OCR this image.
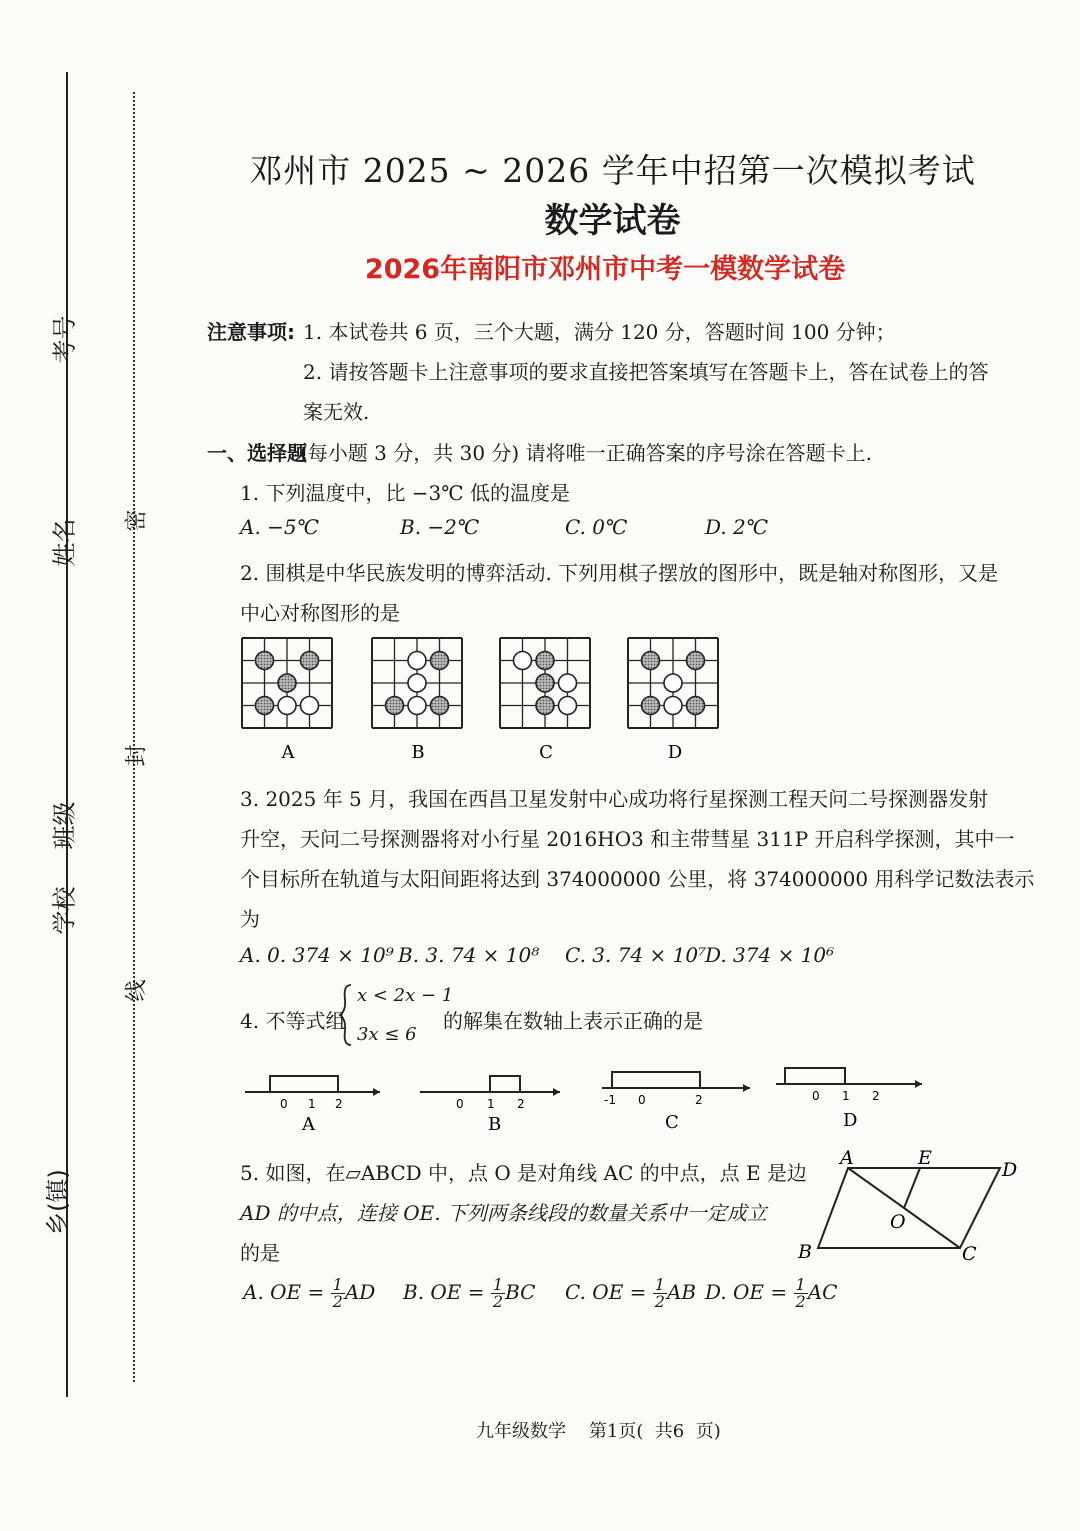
考号
姓名
班级
学校
乡(镇)
密
封
线
邓州市 2025 ~ 2026 学年中招第一次模拟考试
数学试卷
2026年南阳市邓州市中考一模数学试卷
注意事项: 1. 本试卷共 6 页，三个大题，满分 120 分，答题时间 100 分钟；
2. 请按答题卡上注意事项的要求直接把答案填写在答题卡上，答在试卷上的答
案无效.
一、选择题
(每小题 3 分，共 30 分) 请将唯一正确答案的序号涂在答题卡上.
1. 下列温度中，比 −3℃ 低的温度是
A. −5℃	B. −2℃	C. 0℃	D. 2℃
2. 围棋是中华民族发明的博弈活动. 下列用棋子摆放的图形中，既是轴对称图形，又是
中心对称图形的是
A	B	C	D
3. 2025 年 5 月，我国在西昌卫星发射中心成功将行星探测工程天问二号探测器发射
升空，天问二号探测器将对小行星 2016HO3 和主带彗星 311P 开启科学探测，其中一
个目标所在轨道与太阳间距将达到 374000000 公里，将 374000000 用科学记数法表示
为
A. 0. 374 × 10⁹ B. 3. 74 × 10⁸ C. 3. 74 × 10⁷
D. 374 × 10⁶
4. 不等式组
x < 2x − 1
3x ≤ 6
的解集在数轴上表示正确的是
0 1 2
A
0 1 2
B
-1 0	2
C
0 1 2
D
5. 如图，在▱ABCD 中，点 O 是对角线 AC 的中点，点 E 是边
AD 的中点，连接 OE. 下列两条线段的数量关系中一定成立
的是
A	E
D
O
B	C
A. OE = $\frac{1}{2}$ AD B. OE = $\frac{1}{2}$ BC C. OE = $\frac{1}{2}$ AB D. OE = $\frac{1}{2}$ AC
九年级数学    第1页(  共6  页)
